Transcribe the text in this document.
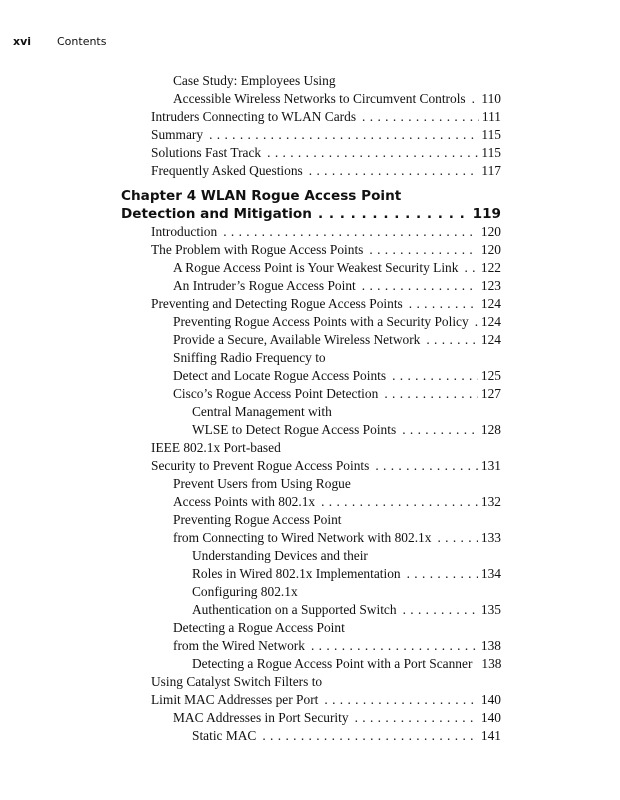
xvi Contents
Case Study: Employees Using
Accessible Wireless Networks to Circumvent Controls . . . 110
Intruders Connecting to WLAN Cards . . .	111
Summary . . .	115
Solutions Fast Track . . .	115
Frequently Asked Questions . . .	117
Chapter 4 WLAN Rogue Access Point
Detection and Mitigation . . .	119
Introduction . . .	120
The Problem with Rogue Access Points . . .	120
A Rogue Access Point is Your Weakest Security Link . . . 122
An Intruder’s Rogue Access Point . . .	123
Preventing and Detecting Rogue Access Points . . .	124
Preventing Rogue Access Points with a Security Policy . . . 124
Provide a Secure, Available Wireless Network . . .	124
Sniffing Radio Frequency to
Detect and Locate Rogue Access Points . . .	125
Cisco’s Rogue Access Point Detection . . .	127
Central Management with
WLSE to Detect Rogue Access Points . . .	128
IEEE 802.1x Port-based
Security to Prevent Rogue Access Points . . .	131
Prevent Users from Using Rogue
Access Points with 802.1x . . .	132
Preventing Rogue Access Point
from Connecting to Wired Network with 802.1x . . .	133
Understanding Devices and their
Roles in Wired 802.1x Implementation . . .	134
Configuring 802.1x
Authentication on a Supported Switch . . .	135
Detecting a Rogue Access Point
from the Wired Network . . .	138
Detecting a Rogue Access Point with a Port Scanner 138
Using Catalyst Switch Filters to
Limit MAC Addresses per Port . . .	140
MAC Addresses in Port Security . . .	140
Static MAC . . .	141
